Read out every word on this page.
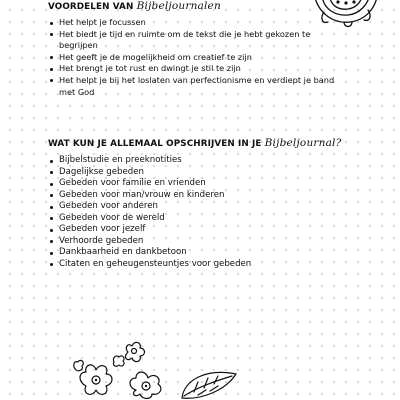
VOORDELEN VAN Bijbeljournalen
Het helpt je focussen
Het biedt je tijd en ruimte om de tekst die je hebt gekozen te begrijpen
Het geeft je de mogelijkheid om creatief te zijn
Het brengt je tot rust en dwingt je stil te zijn
Het helpt je bij het loslaten van perfectionisme en verdiept je band met God
WAT KUN JE ALLEMAAL OPSCHRIJVEN IN JE Bijbeljournal?
Bijbelstudie en preeknotities
Dagelijkse gebeden
Gebeden voor familie en vrienden
Gebeden voor man/vrouw en kinderen
Gebeden voor anderen
Gebeden voor de wereld
Gebeden voor jezelf
Verhoorde gebeden
Dankbaarheid en dankbetoon
Citaten en geheugensteuntjes voor gebeden
